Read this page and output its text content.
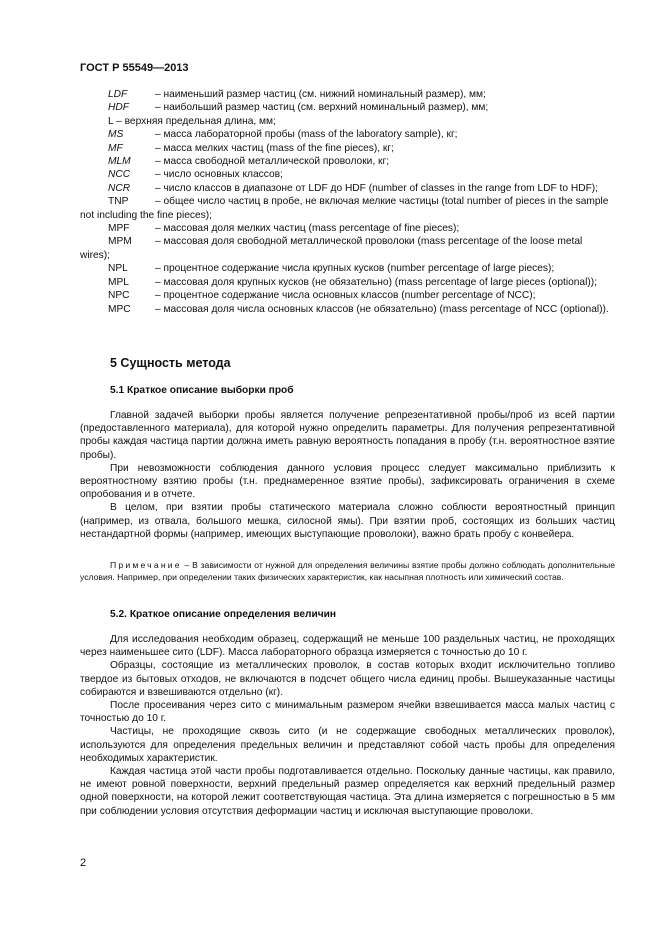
ГОСТ Р 55549—2013
LDF	– наименьший размер частиц (см. нижний номинальный размер), мм;
HDF	– наибольший размер частиц (см. верхний номинальный размер), мм;
L – верхняя предельная длина, мм;
MS	– масса лабораторной пробы (mass of the laboratory sample), кг;
MF	– масса мелких частиц (mass of the fine pieces), кг;
MLM – масса свободной металлической проволоки, кг;
NCC – число основных классов;
NCR – число классов в диапазоне от LDF до HDF (number of classes in the range from LDF to HDF);
TNP	– общее число частиц в пробе, не включая мелкие частицы (total number of pieces in the sample not including the fine pieces);
MPF – массовая доля мелких частиц (mass percentage of fine pieces);
MPM – массовая доля свободной металлической проволоки (mass percentage of the loose metal wires);
NPL	– процентное содержание числа крупных кусков (number percentage of large pieces);
MPL	– массовая доля крупных кусков (не обязательно) (mass percentage of large pieces (optional));
NPC – процентное содержание числа основных классов (number percentage of NCC);
MPC – массовая доля числа основных классов (не обязательно) (mass percentage of NCC (optional)).
5 Сущность метода
5.1 Краткое описание выборки проб

Главной задачей выборки пробы является получение репрезентативной пробы/проб из всей партии (предоставленного материала), для которой нужно определить параметры. Для получения репрезентативной пробы каждая частица партии должна иметь равную вероятность попадания в пробу (т.н. вероятностное взятие пробы).

При невозможности соблюдения данного условия процесс следует максимально приблизить к вероятностному взятию пробы (т.н. преднамеренное взятие пробы), зафиксировать ограничения в схеме опробования и в отчете.

В целом, при взятии пробы статического материала сложно соблюсти вероятностный принцип (например, из отвала, большого мешка, силосной ямы). При взятии проб, состоящих из больших частиц нестандартной формы (например, имеющих выступающие проволоки), важно брать пробу с конвейера.

Примечание – В зависимости от нужной для определения величины взятие пробы должно соблюдать дополнительные условия. Например, при определении таких физических характеристик, как насыпная плотность или химический состав.

5.2. Краткое описание определения величин

Для исследования необходим образец, содержащий не меньше 100 раздельных частиц, не проходящих через наименьшее сито (LDF). Масса лабораторного образца измеряется с точностью до 10 г.

Образцы, состоящие из металлических проволок, в состав которых входит исключительно топливо твердое из бытовых отходов, не включаются в подсчет общего числа единиц пробы. Вышеуказанные частицы собираются и взвешиваются отдельно (кг).

После просеивания через сито с минимальным размером ячейки взвешивается масса малых частиц с точностью до 10 г.

Частицы, не проходящие сквозь сито (и не содержащие свободных металлических проволок), используются для определения предельных величин и представляют собой часть пробы для определения необходимых характеристик.

Каждая частица этой части пробы подготавливается отдельно. Поскольку данные частицы, как правило, не имеют ровной поверхности, верхний предельный размер определяется как верхний предельный размер одной поверхности, на которой лежит соответствующая частица. Эта длина измеряется с погрешностью в 5 мм при соблюдении условия отсутствия деформации частиц и исключая выступающие проволоки.

2
